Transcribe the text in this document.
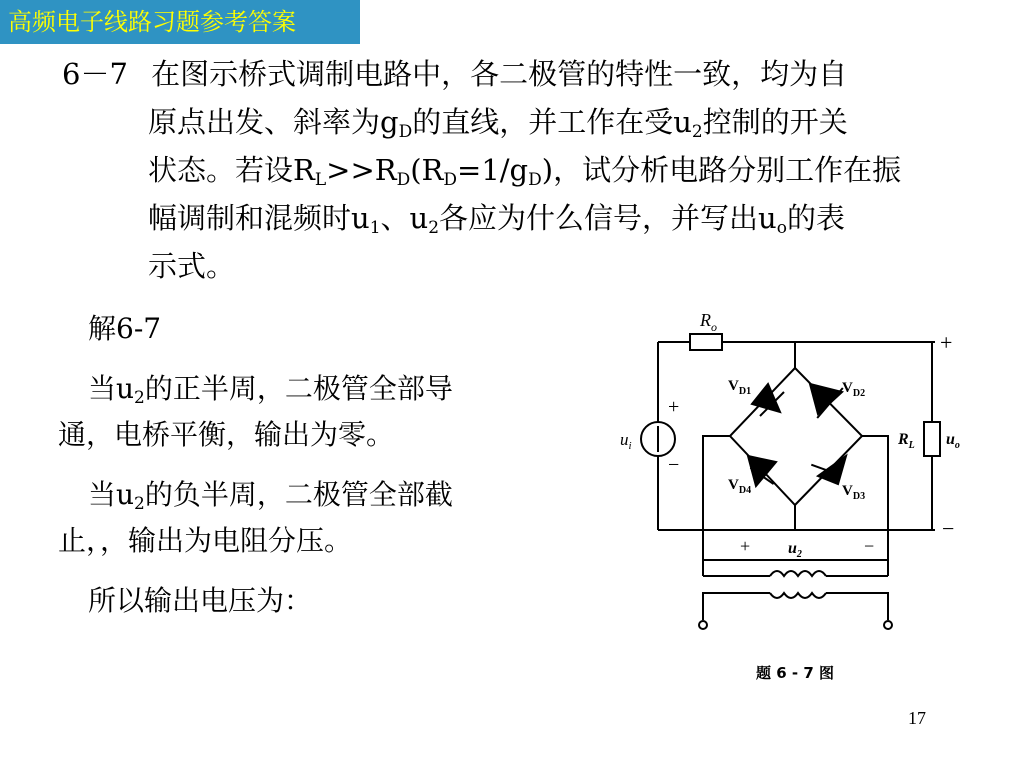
高频电子线路习题参考答案
6－7 在图示桥式调制电路中，各二极管的特性一致，均为自
原点出发、斜率为$g_D$的直线，并工作在受$u_2$控制的开关
状态。若设$R_L>>R_D(R_D=1/g_D)$，试分析电路分别工作在振
幅调制和混频时$u_1$、$u_2$各应为什么信号，并写出$u_o$的表
示式。
解6-7
当$u_2$的正半周，二极管全部导
通，电桥平衡，输出为零。
当$u_2$的负半周，二极管全部截
止，，输出为电阻分压。
所以输出电压为：
$R_o$
+
+
−
$u_i$
$V_{D1}$	$V_{D2}$
$V_{D4}$	$V_{D3}$
$R_L$ $u_o$
−
+	−
$u_2$
题 6 - 7 图
17
